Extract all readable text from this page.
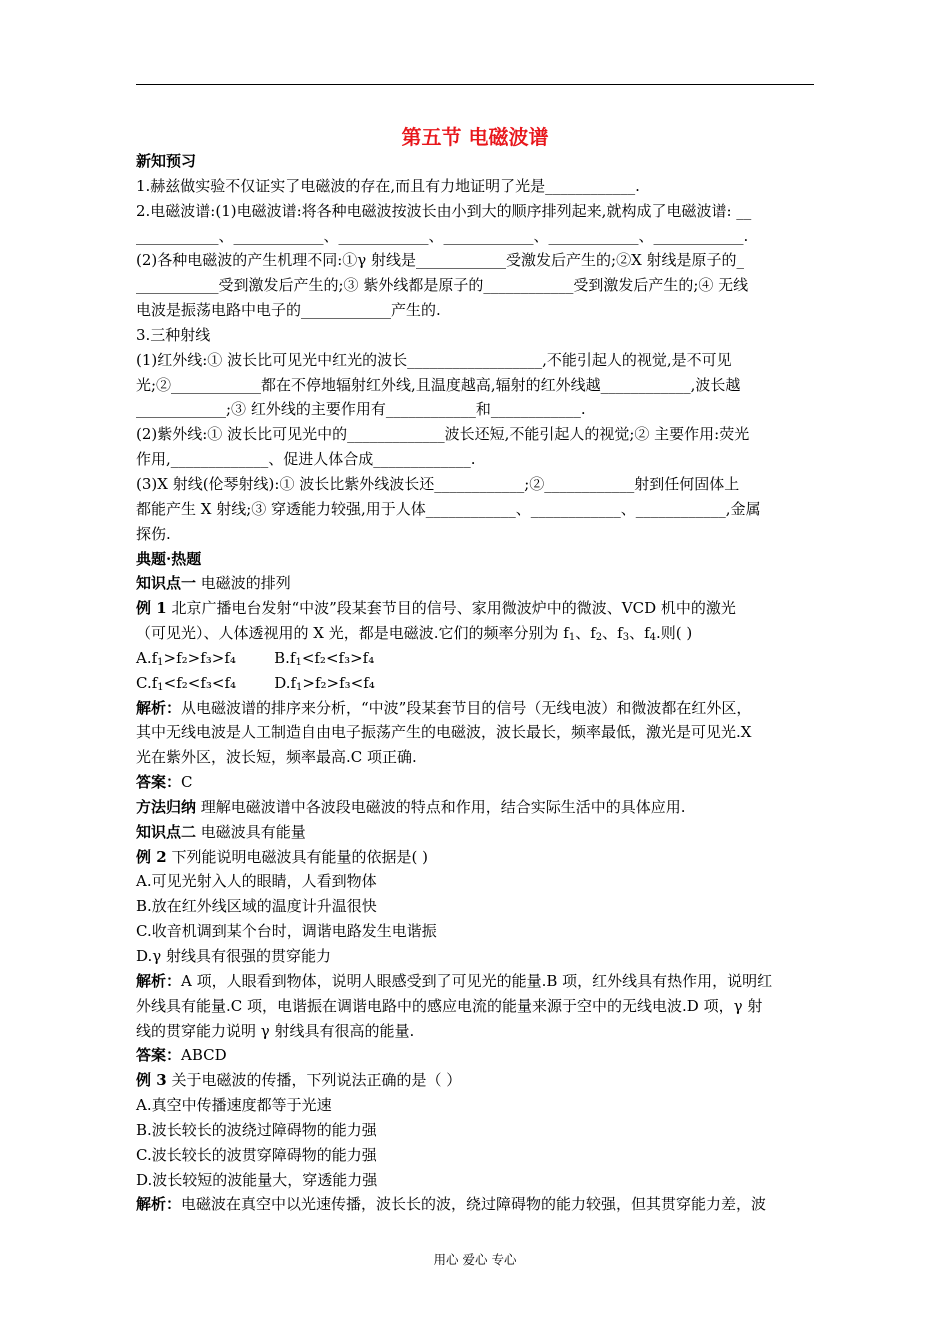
第五节 电磁波谱

新知预习

1.赫兹做实验不仅证实了电磁波的存在,而且有力地证明了光是____________.

2.电磁波谱:(1)电磁波谱:将各种电磁波按波长由小到大的顺序排列起来,就构成了电磁波谱: __

___________、____________、____________、____________、____________、____________.

(2)各种电磁波的产生机理不同:①γ 射线是____________受激发后产生的;②X 射线是原子的_

___________受到激发后产生的;③ 紫外线都是原子的____________受到激发后产生的;④ 无线

电波是振荡电路中电子的____________产生的.

3.三种射线

(1)红外线:① 波长比可见光中红光的波长__________________,不能引起人的视觉,是不可见

光;②____________都在不停地辐射红外线,且温度越高,辐射的红外线越____________,波长越

____________;③ 红外线的主要作用有____________和____________.

(2)紫外线:① 波长比可见光中的_____________波长还短,不能引起人的视觉;② 主要作用:荧光

作用,_____________、促进人体合成_____________.

(3)X 射线(伦琴射线):① 波长比紫外线波长还____________;②____________射到任何固体上

都能产生 X 射线;③ 穿透能力较强,用于人体____________、____________、____________,金属

探伤.

典题·热题

知识点一 电磁波的排列

例 1 北京广播电台发射“中波”段某套节目的信号、家用微波炉中的微波、VCD 机中的激光

（可见光）、人体透视用的 X 光，都是电磁波.它们的频率分别为 $f_1$、$f_2$、$f_3$、$f_4$.则( )

$A.f_1>f_2>f_3>f_4$	$B.f_1<f_2<f_3>f_4$

$C.f_1<f_2<f_3<f_4$	$D.f_1>f_2>f_3<f_4$

解析：从电磁波谱的排序来分析，“中波”段某套节目的信号（无线电波）和微波都在红外区，

其中无线电波是人工制造自由电子振荡产生的电磁波，波长最长，频率最低，激光是可见光.X

光在紫外区，波长短，频率最高.C 项正确.

答案：C

方法归纳 理解电磁波谱中各波段电磁波的特点和作用，结合实际生活中的具体应用.

知识点二 电磁波具有能量

例 2 下列能说明电磁波具有能量的依据是( )

A.可见光射入人的眼睛，人看到物体

B.放在红外线区域的温度计升温很快

C.收音机调到某个台时，调谐电路发生电谐振

D.γ 射线具有很强的贯穿能力

解析：A 项，人眼看到物体，说明人眼感受到了可见光的能量.B 项，红外线具有热作用，说明红

外线具有能量.C 项，电谐振在调谐电路中的感应电流的能量来源于空中的无线电波.D 项，γ 射

线的贯穿能力说明 γ 射线具有很高的能量.

答案：ABCD

例 3 关于电磁波的传播，下列说法正确的是（ ）

A.真空中传播速度都等于光速

B.波长较长的波绕过障碍物的能力强

C.波长较长的波贯穿障碍物的能力强

D.波长较短的波能量大，穿透能力强

解析：电磁波在真空中以光速传播，波长长的波，绕过障碍物的能力较强，但其贯穿能力差，波

用心 爱心 专心
